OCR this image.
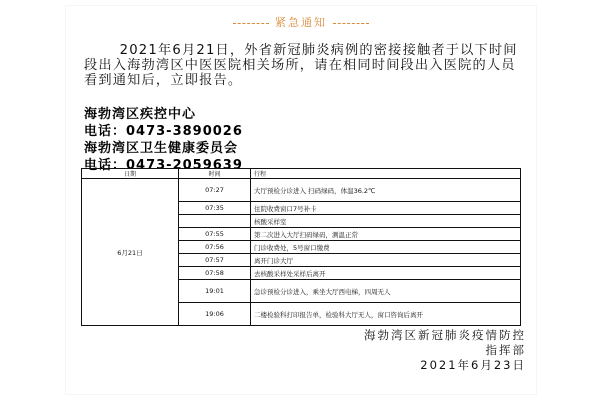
紧急通知

2021年6月21日，外省新冠肺炎病例的密接接触者于以下时间段出入海勃湾区中医医院相关场所，请在相同时间段出入医院的人员看到通知后，立即报告。

海勃湾区疾控中心
电话：0473-3890026
海勃湾区卫生健康委员会
电话：0473-2059639
日期	时间	行程
6月21日	07:27	大厅预检分诊进入 扫码绿码，体温36.2℃
	07:35	住院收费窗口7号补卡
		核酸采样室
	07:55	第二次进入大厅扫码绿码，测温正常
	07:56	门诊收费处，5号窗口缴费
	07:57	离开门诊大厅
	07:58	去核酸采样处采样后离开
	19:01	急诊预检分诊进入，乘坐大厅西电梯，四周无人
	19:06	二楼检验科打印报告单，检验科大厅无人，窗口咨询后离开
海勃湾区新冠肺炎疫情防控
指挥部
2021年6月23日
